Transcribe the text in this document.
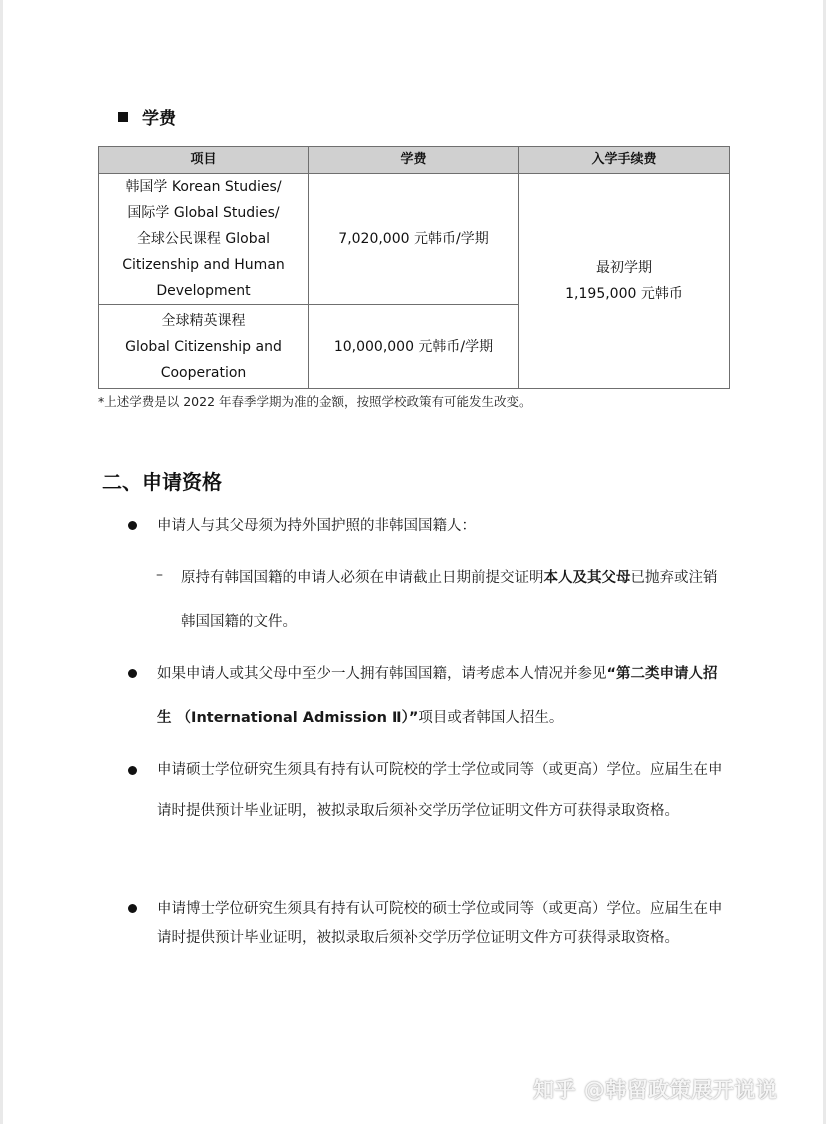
学费
项目	学费	入学手续费

韩国学 Korean Studies/
国际学 Global Studies/
全球公民课程 Global
Citizenship and Human
Development	7,020,000 元韩币/学期	最初学期
1,195,000 元韩币

全球精英课程
Global Citizenship and
Cooperation	10,000,000 元韩币/学期	
*上述学费是以 2022 年春季学期为准的金额，按照学校政策有可能发生改变。
二、申请资格
申请人与其父母须为持外国护照的非韩国国籍人：
– 原持有韩国国籍的申请人必须在申请截止日期前提交证明本人及其父母已抛弃或注销韩国国籍的文件。
如果申请人或其父母中至少一人拥有韩国国籍，请考虑本人情况并参见“第二类申请人招生 （International Admission Ⅱ）”项目或者韩国人招生。
申请硕士学位研究生须具有持有认可院校的学士学位或同等（或更高）学位。应届生在申请时提供预计毕业证明，被拟录取后须补交学历学位证明文件方可获得录取资格。
申请博士学位研究生须具有持有认可院校的硕士学位或同等（或更高）学位。应届生在申请时提供预计毕业证明，被拟录取后须补交学历学位证明文件方可获得录取资格。
知乎 @韩留政策展开说说
